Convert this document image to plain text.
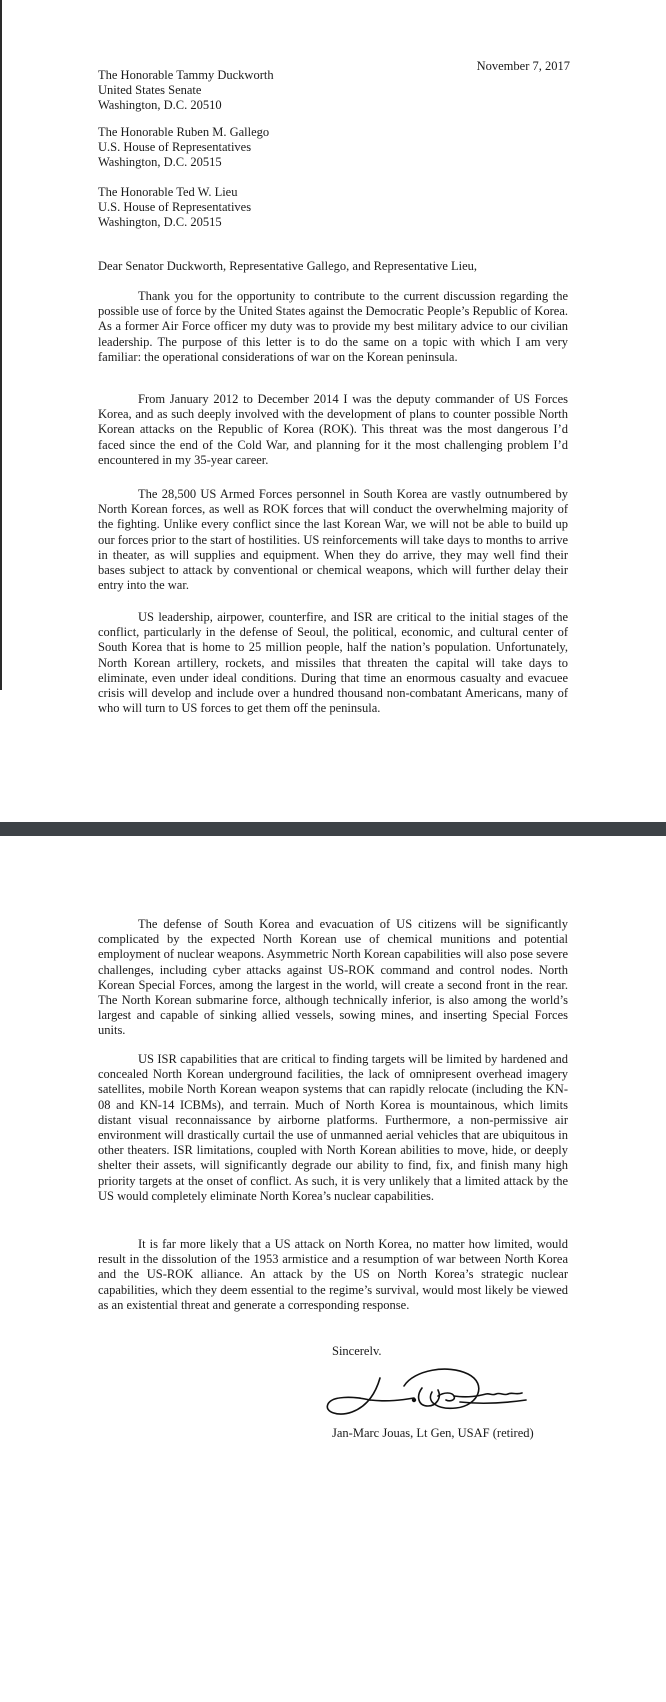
November 7, 2017
The Honorable Tammy Duckworth
United States Senate
Washington, D.C. 20510
The Honorable Ruben M. Gallego
U.S. House of Representatives
Washington, D.C. 20515
The Honorable Ted W. Lieu
U.S. House of Representatives
Washington, D.C. 20515
Dear Senator Duckworth, Representative Gallego, and Representative Lieu,

Thank you for the opportunity to contribute to the current discussion regarding the possible use of force by the United States against the Democratic People’s Republic of Korea. As a former Air Force officer my duty was to provide my best military advice to our civilian leadership. The purpose of this letter is to do the same on a topic with which I am very familiar: the operational considerations of war on the Korean peninsula.

From January 2012 to December 2014 I was the deputy commander of US Forces Korea, and as such deeply involved with the development of plans to counter possible North Korean attacks on the Republic of Korea (ROK). This threat was the most dangerous I’d faced since the end of the Cold War, and planning for it the most challenging problem I’d encountered in my 35-year career.

The 28,500 US Armed Forces personnel in South Korea are vastly outnumbered by North Korean forces, as well as ROK forces that will conduct the overwhelming majority of the fighting. Unlike every conflict since the last Korean War, we will not be able to build up our forces prior to the start of hostilities. US reinforcements will take days to months to arrive in theater, as will supplies and equipment. When they do arrive, they may well find their bases subject to attack by conventional or chemical weapons, which will further delay their entry into the war.

US leadership, airpower, counterfire, and ISR are critical to the initial stages of the conflict, particularly in the defense of Seoul, the political, economic, and cultural center of South Korea that is home to 25 million people, half the nation’s population. Unfortunately, North Korean artillery, rockets, and missiles that threaten the capital will take days to eliminate, even under ideal conditions. During that time an enormous casualty and evacuee crisis will develop and include over a hundred thousand non-combatant Americans, many of who will turn to US forces to get them off the peninsula.

The defense of South Korea and evacuation of US citizens will be significantly complicated by the expected North Korean use of chemical munitions and potential employment of nuclear weapons. Asymmetric North Korean capabilities will also pose severe challenges, including cyber attacks against US-ROK command and control nodes. North Korean Special Forces, among the largest in the world, will create a second front in the rear. The North Korean submarine force, although technically inferior, is also among the world’s largest and capable of sinking allied vessels, sowing mines, and inserting Special Forces units.

US ISR capabilities that are critical to finding targets will be limited by hardened and concealed North Korean underground facilities, the lack of omnipresent overhead imagery satellites, mobile North Korean weapon systems that can rapidly relocate (including the KN-08 and KN-14 ICBMs), and terrain. Much of North Korea is mountainous, which limits distant visual reconnaissance by airborne platforms. Furthermore, a non-permissive air environment will drastically curtail the use of unmanned aerial vehicles that are ubiquitous in other theaters. ISR limitations, coupled with North Korean abilities to move, hide, or deeply shelter their assets, will significantly degrade our ability to find, fix, and finish many high priority targets at the onset of conflict. As such, it is very unlikely that a limited attack by the US would completely eliminate North Korea’s nuclear capabilities.

It is far more likely that a US attack on North Korea, no matter how limited, would result in the dissolution of the 1953 armistice and a resumption of war between North Korea and the US-ROK alliance. An attack by the US on North Korea’s strategic nuclear capabilities, which they deem essential to the regime’s survival, would most likely be viewed as an existential threat and generate a corresponding response.

Sincerelv.
Jan-Marc Jouas, Lt Gen, USAF (retired)
